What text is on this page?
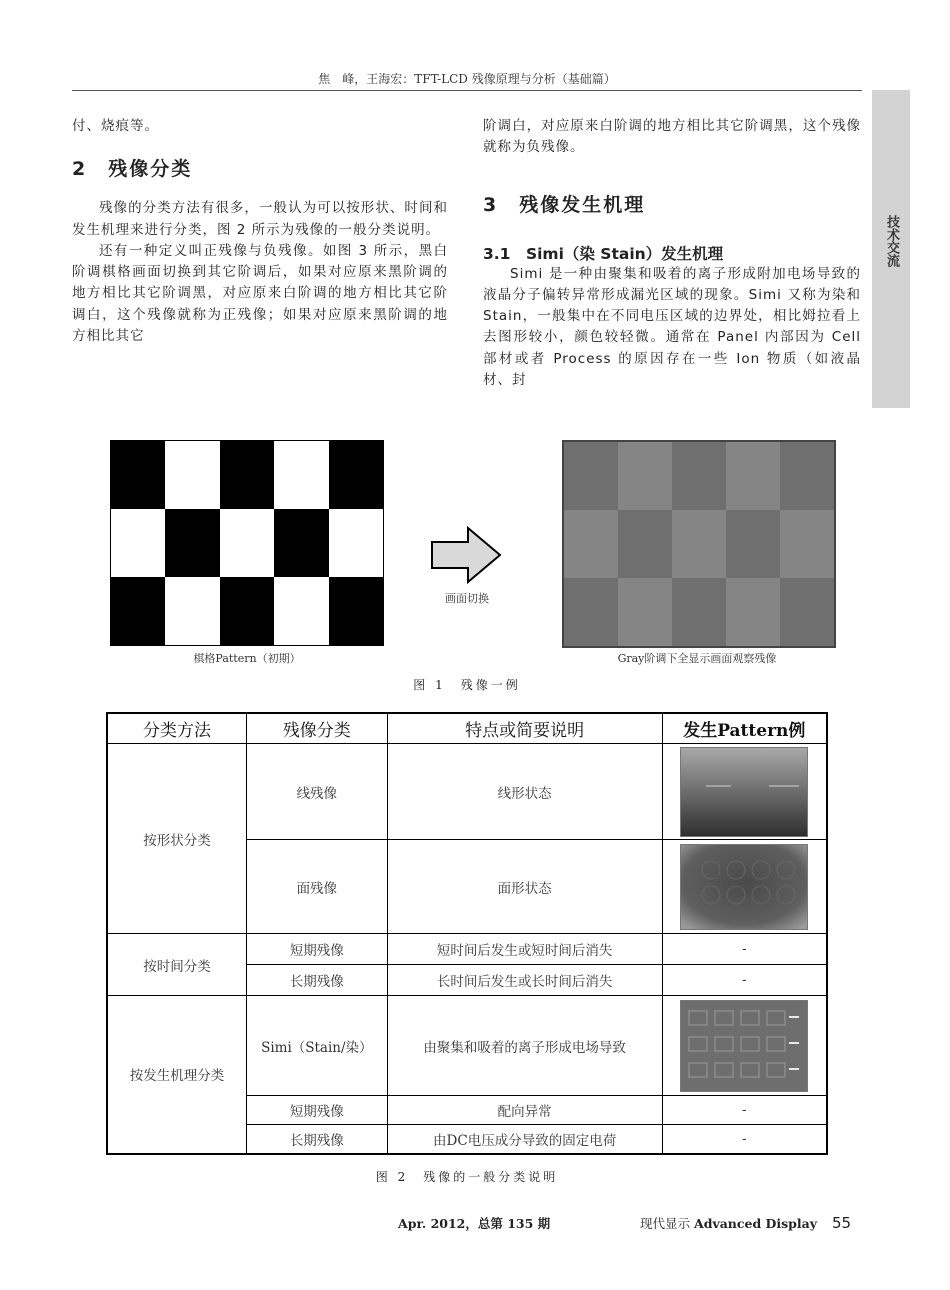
焦　峰，王海宏：TFT-LCD 残像原理与分析（基础篇）
技术交流

付、烧痕等。

2　残像分类

残像的分类方法有很多，一般认为可以按形状、时间和发生机理来进行分类，图 2 所示为残像的一般分类说明。

还有一种定义叫正残像与负残像。如图 3 所示，黑白阶调棋格画面切换到其它阶调后，如果对应原来黑阶调的地方相比其它阶调黑，对应原来白阶调的地方相比其它阶调白，这个残像就称为正残像；如果对应原来黑阶调的地方相比其它

阶调白，对应原来白阶调的地方相比其它阶调黑，这个残像就称为负残像。

3　残像发生机理

3.1　Simi（染 Stain）发生机理

Simi 是一种由聚集和吸着的离子形成附加电场导致的液晶分子偏转异常形成漏光区域的现象。Simi 又称为染和 Stain，一般集中在不同电压区域的边界处，相比姆拉看上去图形较小，颜色较轻微。通常在 Panel 内部因为 Cell 部材或者 Process 的原因存在一些 Ion 物质（如液晶材、封

画面切换
棋格Pattern（初期）	Gray阶调下全显示画面观察残像
图 1　残像一例
分类方法	残像分类	特点或简要说明	发生Pattern例
按形状分类	线残像	线形状态	

	面残像	面形状态	

按时间分类	短期残像	短时间后发生或短时间后消失	-
	长期残像	长时间后发生或长时间后消失	-
按发生机理分类	Simi（Stain/染）	由聚集和吸着的离子形成电场导致	

	短期残像	配向异常	-
	长期残像	由DC电压成分导致的固定电荷	-
图 2　残像的一般分类说明
Apr. 2012，总第 135 期	现代显示 Advanced Display 55
